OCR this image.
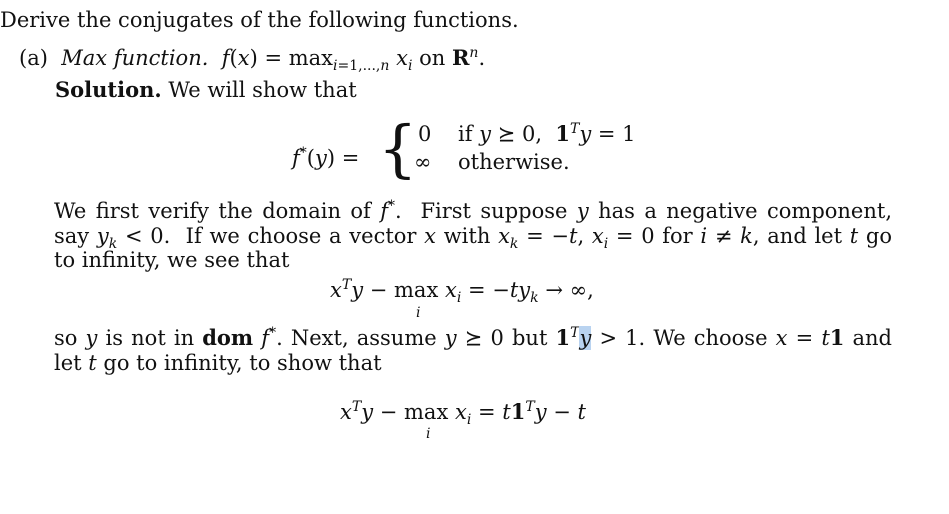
Derive the conjugates of the following functions.
(a) Max function. $f(x) = \max_{i=1,...,n} x_i$ on $R^n$.
Solution. We will show that
f*(y) = { 0 if y ⪰ 0,  $1^Ty = 1$
∞ otherwise.
We first verify the domain of f*.  First suppose y has a negative component, say $y_k < 0$.  If we choose a vector x with $x_k = -t$, $x_i = 0$ for i ≠ k, and let t go to infinity, we see that
$x^Ty - \max x_i = -ty_k$ → ∞,
i
so y is not in dom f*. Next, assume y ⪰ 0 but $1^Ty > 1$. We choose x = t1 and let t go to infinity, to show that
$x^Ty - \max x_i = t1^Ty - t$
i
